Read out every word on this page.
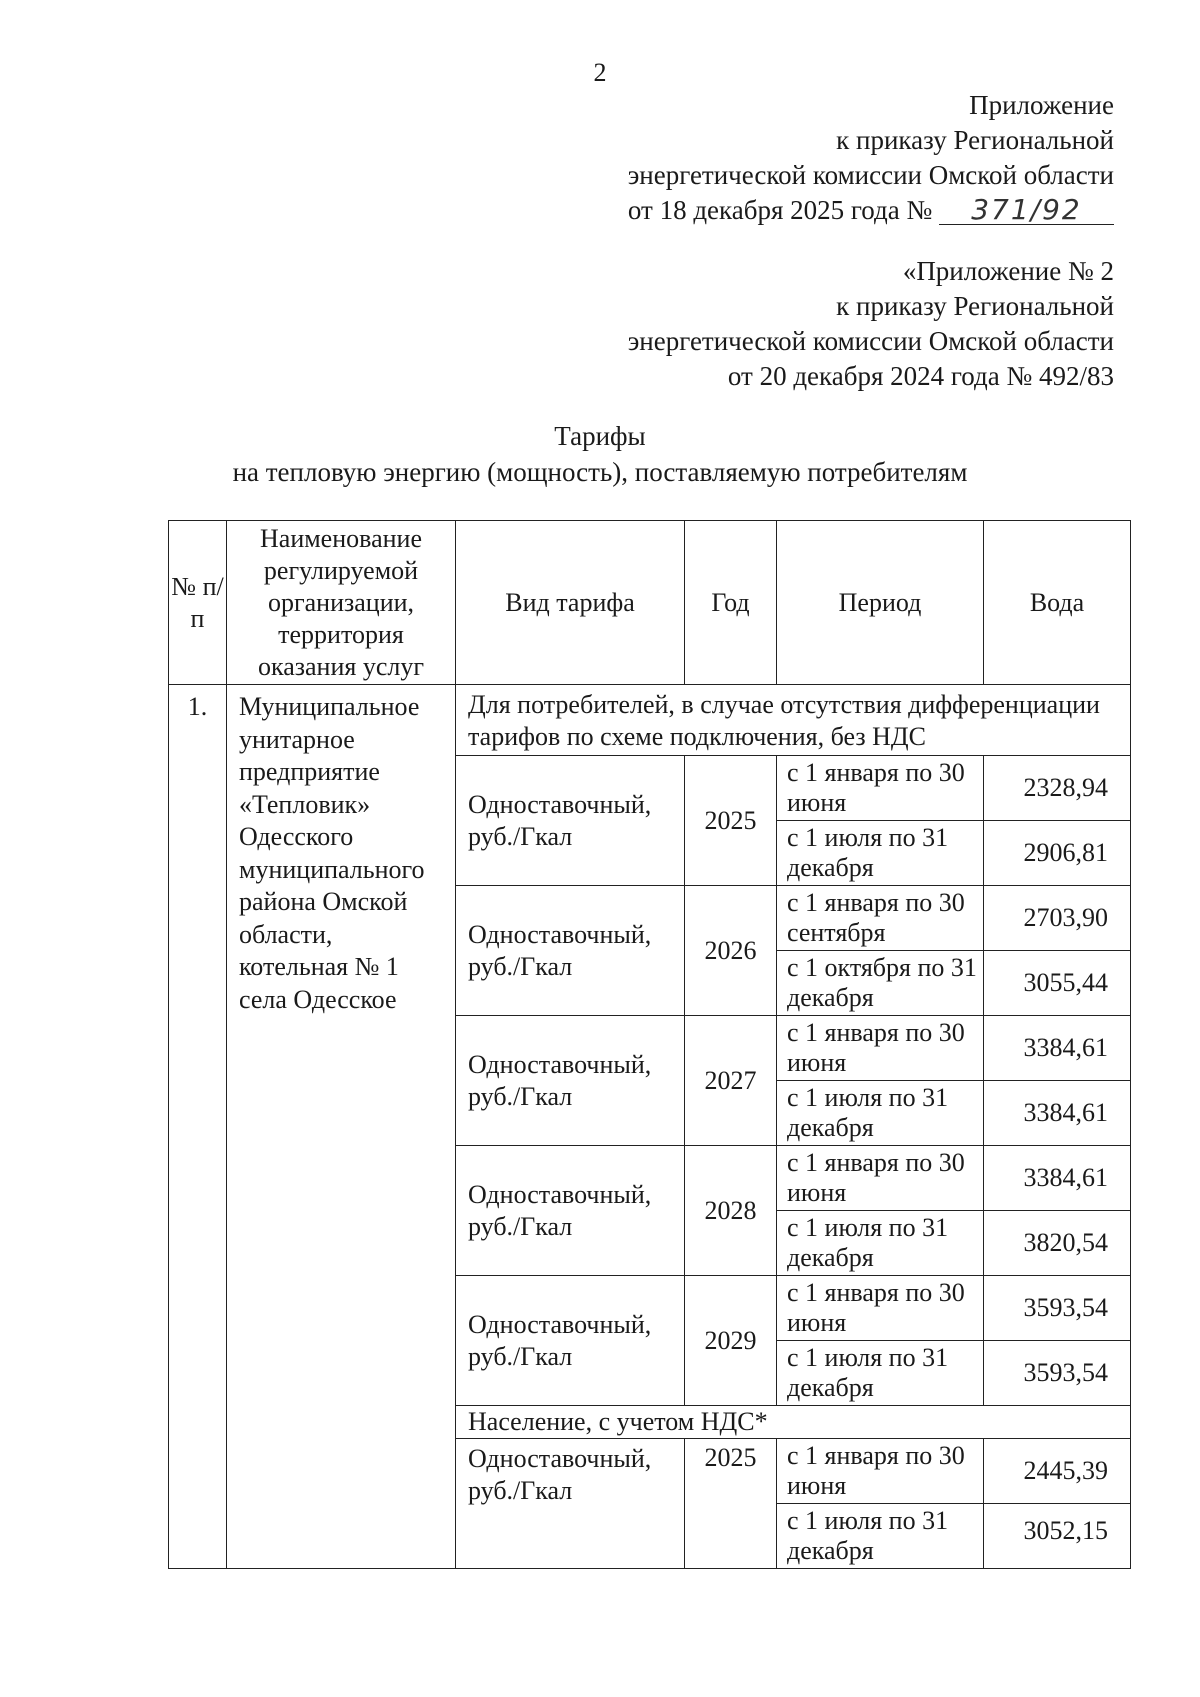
2
Приложение
к приказу Региональной
энергетической комиссии Омской области
от 18 декабря 2025 года № 371/92
«Приложение № 2
к приказу Региональной
энергетической комиссии Омской области
от 20 декабря 2024 года № 492/83
Тарифы
на тепловую энергию (мощность), поставляемую потребителям
№ п/ п	Наименование регулируемой организации, территория оказания услуг	Вид тарифа	Год	Период	Вода
1.	Муниципальное унитарное предприятие «Тепловик» Одесского муниципального района Омской области, котельная № 1 села Одесское	Для потребителей, в случае отсутствия дифференциации тарифов по схеме подключения, без НДС			
		Одноставочный, руб./Гкал	2025	с 1 января по 30 июня	2328,94
				с 1 июля по 31 декабря	2906,81
		Одноставочный, руб./Гкал	2026	с 1 января по 30 сентября	2703,90
				с 1 октября по 31 декабря	3055,44
		Одноставочный, руб./Гкал	2027	с 1 января по 30 июня	3384,61
				с 1 июля по 31 декабря	3384,61
		Одноставочный, руб./Гкал	2028	с 1 января по 30 июня	3384,61
				с 1 июля по 31 декабря	3820,54
		Одноставочный, руб./Гкал	2029	с 1 января по 30 июня	3593,54
				с 1 июля по 31 декабря	3593,54
		Население, с учетом НДС*			
		Одноставочный, руб./Гкал	2025	с 1 января по 30 июня	2445,39
				с 1 июля по 31 декабря	3052,15
